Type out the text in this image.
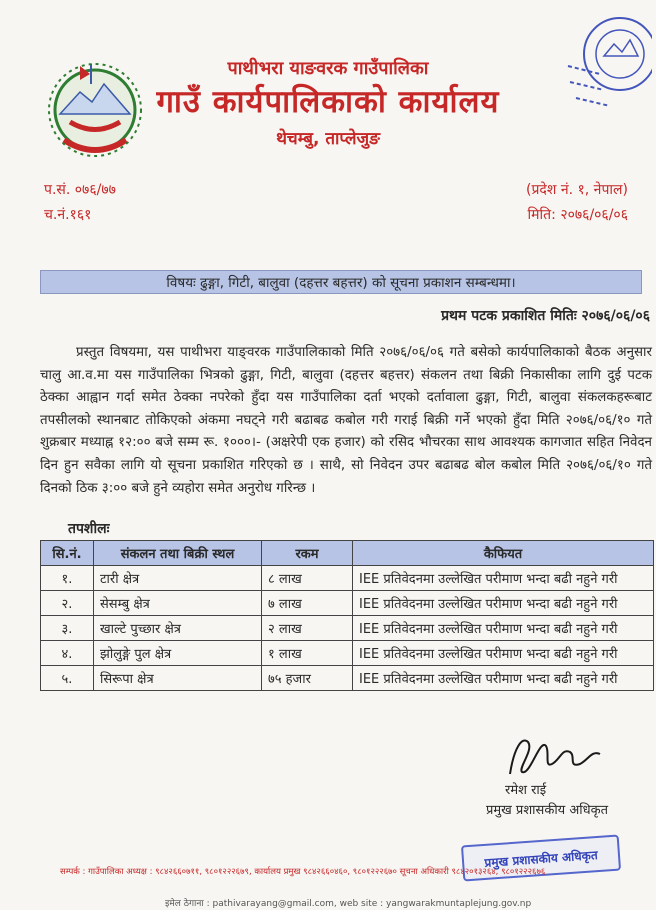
पाथीभरा याङवरक गाउँपालिका
गाउँ कार्यपालिकाको कार्यालय
थेचम्बु, ताप्लेजुङ
प.सं. ०७६/७७
च.नं.१६१
(प्रदेश नं. १, नेपाल)
मिति: २०७६/०६/०६
विषयः ढुङ्गा, गिटी, बालुवा (दहत्तर बहत्तर) को सूचना प्रकाशन सम्बन्धमा।
प्रथम पटक प्रकाशित मितिः २०७६/०६/०६
प्रस्तुत विषयमा, यस पाथीभरा याङ्वरक गाउँपालिकाको मिति २०७६/०६/०६ गते बसेको कार्यपालिकाको बैठक अनुसार चालु आ.व.मा यस गाउँपालिका भित्रको ढुङ्गा, गिटी, बालुवा (दहत्तर बहत्तर) संकलन तथा बिक्री निकासीका लागि दुई पटक ठेक्का आह्वान गर्दा समेत ठेक्का नपरेको हुँदा यस गाउँपालिका दर्ता भएको दर्तावाला ढुङ्गा, गिटी, बालुवा संकलकहरूबाट तपसीलको स्थानबाट तोकिएको अंकमा नघट्ने गरी बढाबढ कबोल गरी गराई बिक्री गर्ने भएको हुँदा मिति २०७६/०६/१० गते शुक्रबार मध्याह्न १२:०० बजे सम्म रू. १०००।- (अक्षरेपी एक हजार) को रसिद भौचरका साथ आवश्यक कागजात सहित निवेदन दिन हुन सवैका लागि यो सूचना प्रकाशित गरिएको छ । साथै, सो निवेदन उपर बढाबढ बोल कबोल मिति २०७६/०६/१० गते दिनको ठिक ३:०० बजे हुने व्यहोरा समेत अनुरोध गरिन्छ ।
तपशीलः
सि.नं.	संकलन तथा बिक्री स्थल	रकम	कैफियत
१.	टारी क्षेत्र	८ लाख	IEE प्रतिवेदनमा उल्लेखित परीमाण भन्दा बढी नहुने गरी
२.	सेसम्बु क्षेत्र	७ लाख	IEE प्रतिवेदनमा उल्लेखित परीमाण भन्दा बढी नहुने गरी
३.	खाल्टे पुच्छार क्षेत्र	२ लाख	IEE प्रतिवेदनमा उल्लेखित परीमाण भन्दा बढी नहुने गरी
४.	झोलुङ्गे पुल क्षेत्र	१ लाख	IEE प्रतिवेदनमा उल्लेखित परीमाण भन्दा बढी नहुने गरी
५.	सिरूपा क्षेत्र	७५ हजार	IEE प्रतिवेदनमा उल्लेखित परीमाण भन्दा बढी नहुने गरी
रमेश राई
प्रमुख प्रशासकीय अधिकृत
प्रमुख प्रशासकीय अधिकृत
सम्पर्क : गाउँपालिका अध्यक्ष : ९८४२६६०७११, ९८०१२२२६७९, कार्यालय प्रमुख ९८४२६६०४६०, ९८०१२२२६७० सूचना अधिकारी ९८४२०१३२६४, ९८०१२२२६७६
इमेल ठेगाना : pathivarayang@gmail.com, web site : yangwarakmuntaplejung.gov.np
